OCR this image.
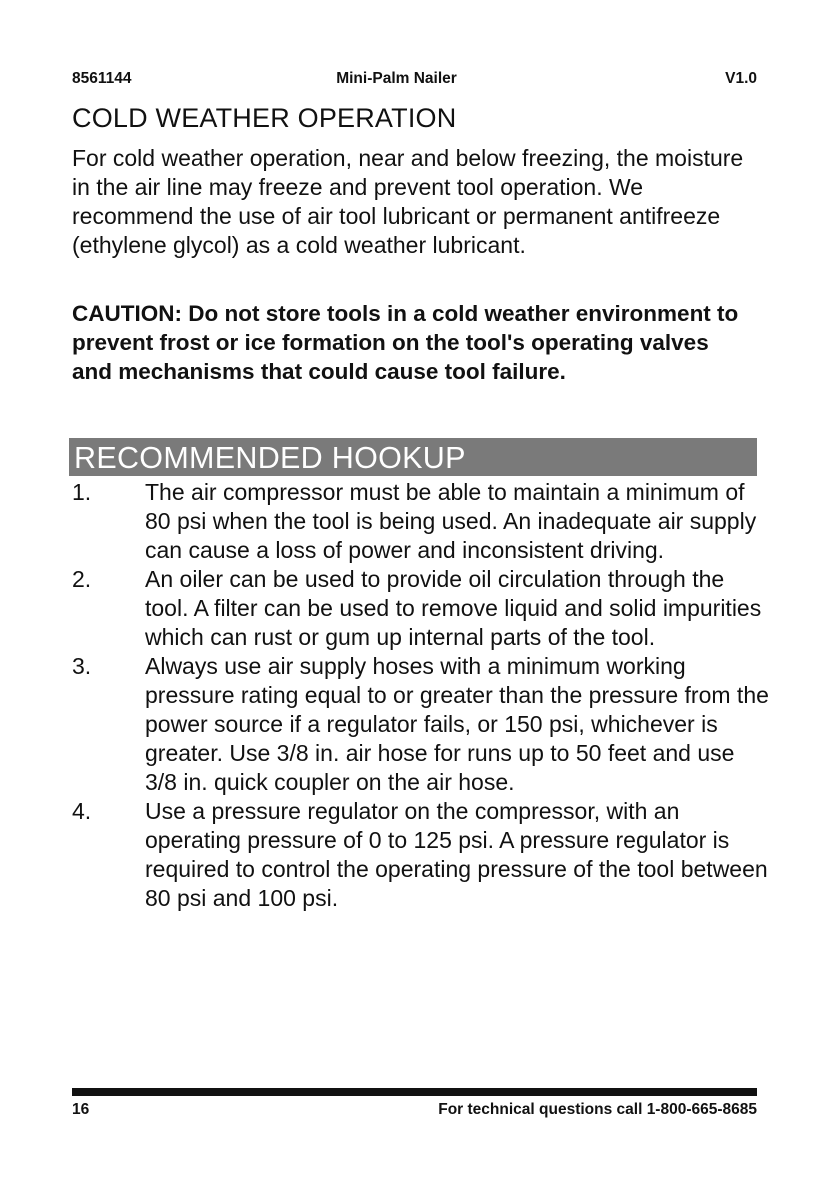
8561144	Mini-Palm Nailer	V1.0
COLD WEATHER OPERATION

For cold weather operation, near and below freezing, the moisture in the air line may freeze and prevent tool operation. We recommend the use of air tool lubricant or permanent antifreeze (ethylene glycol) as a cold weather lubricant.

CAUTION: Do not store tools in a cold weather environment to prevent frost or ice formation on the tool's operating valves and mechanisms that could cause tool failure.

RECOMMENDED HOOKUP
1. The air compressor must be able to maintain a minimum of 80 psi when the tool is being used. An inadequate air supply can cause a loss of power and inconsistent driving.
2. An oiler can be used to provide oil circulation through the tool. A filter can be used to remove liquid and solid impurities which can rust or gum up internal parts of the tool.
3. Always use air supply hoses with a minimum working pressure rating equal to or greater than the pressure from the power source if a regulator fails, or 150 psi, whichever is greater. Use 3/8 in. air hose for runs up to 50 feet and use 3/8 in. quick coupler on the air hose.
4. Use a pressure regulator on the compressor, with an operating pressure of 0 to 125 psi. A pressure regulator is required to control the operating pressure of the tool between 80 psi and 100 psi.
16	For technical questions call 1-800-665-8685
